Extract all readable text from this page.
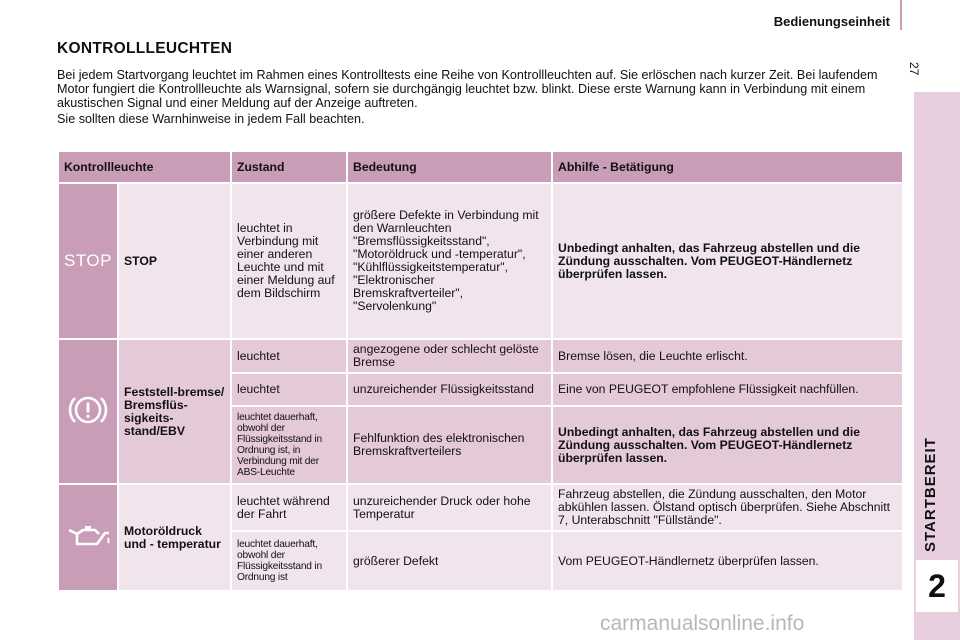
Bedienungseinheit
27
STARTBEREIT
2
KONTROLLLEUCHTEN

Bei jedem Startvorgang leuchtet im Rahmen eines Kontrolltests eine Reihe von Kontrollleuchten auf. Sie erlöschen nach kurzer Zeit. Bei laufendem Motor fungiert die Kontrollleuchte als Warnsignal, sofern sie durchgängig leuchtet bzw. blinkt. Diese erste Warnung kann in Verbindung mit einem akustischen Signal und einer Meldung auf der Anzeige auftreten.

Sie sollten diese Warnhinweise in jedem Fall beachten.

Kontrollleuchte		Zustand	Bedeutung	Abhilfe - Betätigung
STOP	STOP	leuchtet in Verbindung mit einer anderen Leuchte und mit einer Meldung auf dem Bildschirm	größere Defekte in Verbindung mit den Warnleuchten "Bremsflüssigkeitsstand", "Motoröldruck und -temperatur", "Kühlflüssigkeitstemperatur", "Elektronischer Bremskraftverteiler", "Servolenkung"	Unbedingt anhalten, das Fahrzeug abstellen und die Zündung ausschalten. Vom PEUGEOT-Händlernetz überprüfen lassen.
	Feststell-bremse/ Bremsflüs-sigkeits-stand/EBV	leuchtet	angezogene oder schlecht gelöste Bremse	Bremse lösen, die Leuchte erlischt.
		leuchtet	unzureichender Flüssigkeitsstand	Eine von PEUGEOT empfohlene Flüssigkeit nachfüllen.
		leuchtet dauerhaft, obwohl der Flüssigkeitsstand in Ordnung ist, in Verbindung mit der ABS-Leuchte	Fehlfunktion des elektronischen Bremskraftverteilers	Unbedingt anhalten, das Fahrzeug abstellen und die Zündung ausschalten. Vom PEUGEOT-Händlernetz überprüfen lassen.
	Motoröldruck und - temperatur	leuchtet während der Fahrt	unzureichender Druck oder hohe Temperatur	Fahrzeug abstellen, die Zündung ausschalten, den Motor abkühlen lassen. Ölstand optisch überprüfen. Siehe Abschnitt 7, Unterabschnitt "Füllstände".
		leuchtet dauerhaft, obwohl der Flüssigkeitsstand in Ordnung ist	größerer Defekt	Vom PEUGEOT-Händlernetz überprüfen lassen.
carmanualsonline.info
